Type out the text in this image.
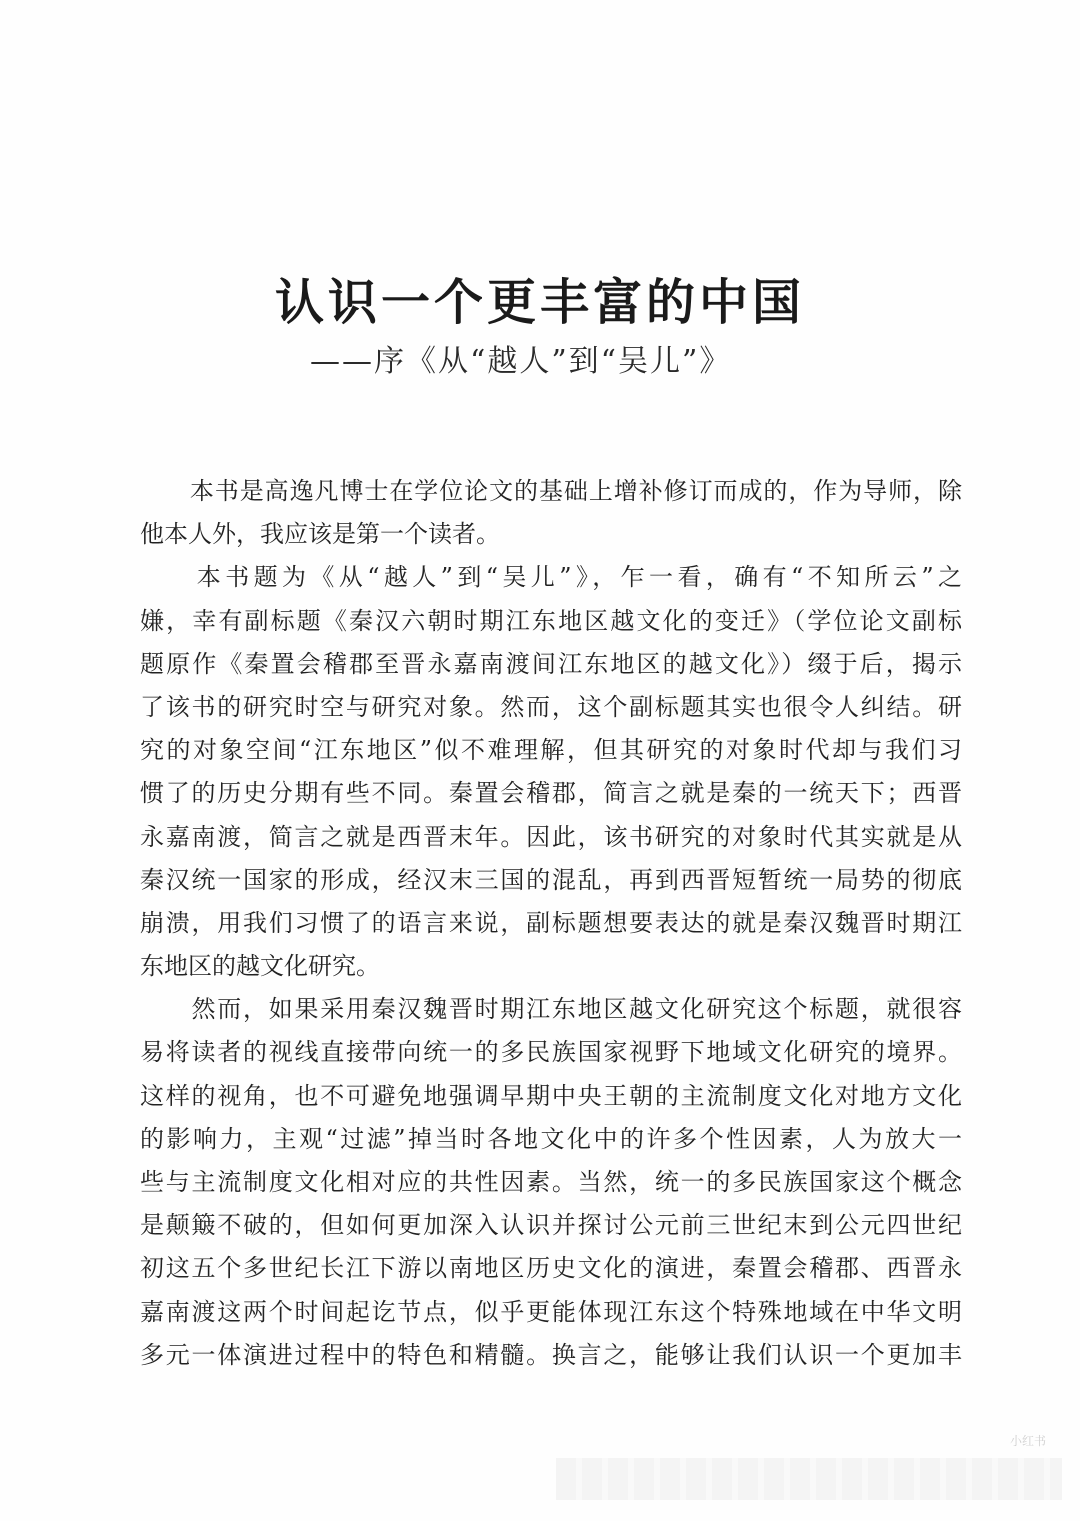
认识一个更丰富的中国
——序《从“越人”到“吴儿”》
　　本书是高逸凡博士在学位论文的基础上增补修订而成的，作为导师，除
他本人外，我应该是第一个读者。
　　本书题为《从“越人”到“吴儿”》，乍一看，确有“不知所云”之
嫌，幸有副标题《秦汉六朝时期江东地区越文化的变迁》（学位论文副标
题原作《秦置会稽郡至晋永嘉南渡间江东地区的越文化》）缀于后，揭示
了该书的研究时空与研究对象。然而，这个副标题其实也很令人纠结。研
究的对象空间“江东地区”似不难理解，但其研究的对象时代却与我们习
惯了的历史分期有些不同。秦置会稽郡，简言之就是秦的一统天下；西晋
永嘉南渡，简言之就是西晋末年。因此，该书研究的对象时代其实就是从
秦汉统一国家的形成，经汉末三国的混乱，再到西晋短暂统一局势的彻底
崩溃，用我们习惯了的语言来说，副标题想要表达的就是秦汉魏晋时期江
东地区的越文化研究。
　　然而，如果采用秦汉魏晋时期江东地区越文化研究这个标题，就很容
易将读者的视线直接带向统一的多民族国家视野下地域文化研究的境界。
这样的视角，也不可避免地强调早期中央王朝的主流制度文化对地方文化
的影响力，主观“过滤”掉当时各地文化中的许多个性因素，人为放大一
些与主流制度文化相对应的共性因素。当然，统一的多民族国家这个概念
是颠簸不破的，但如何更加深入认识并探讨公元前三世纪末到公元四世纪
初这五个多世纪长江下游以南地区历史文化的演进，秦置会稽郡、西晋永
嘉南渡这两个时间起讫节点，似乎更能体现江东这个特殊地域在中华文明
多元一体演进过程中的特色和精髓。换言之，能够让我们认识一个更加丰
小红书
